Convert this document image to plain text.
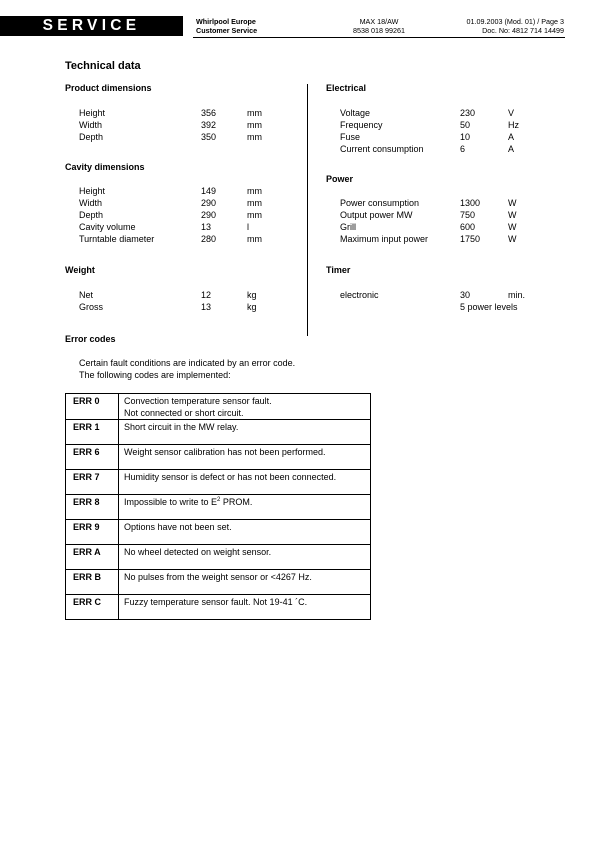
SERVICE	Whirlpool Europe
Customer Service
MAX 18/AW
8538 018 99261
01.09.2003 (Mod. 01) / Page 3
Doc. No: 4812 714 14499
Technical data
Product dimensions
Height	356	mm
Width	392	mm
Depth	350	mm
Cavity dimensions
Height	149	mm
Width	290	mm
Depth	290	mm
Cavity volume	13	l
Turntable diameter	280	mm
Weight
Net	12	kg
Gross	13	kg
Electrical
Voltage	230	V
Frequency	50	Hz
Fuse	10	A
Current consumption	6	A
Power
Power consumption	1300	W
Output power MW	750	W
Grill	600	W
Maximum input power	1750	W
Timer
electronic	30	min.
5 power levels
Error codes
Certain fault conditions are indicated by an error code.
The following codes are implemented:
ERR 0	Convection temperature sensor fault.
Not connected or short circuit.

ERR 1	Short circuit in the MW relay.
ERR 6	Weight sensor calibration has not been performed.
ERR 7	Humidity sensor is defect or has not been connected.
ERR 8	Impossible to write to $E^2$ PROM.
ERR 9	Options have not been set.
ERR A	No wheel detected on weight sensor.
ERR B	No pulses from the weight sensor or <4267 Hz.
ERR C	Fuzzy temperature sensor fault. Not 19-41 ´C.
